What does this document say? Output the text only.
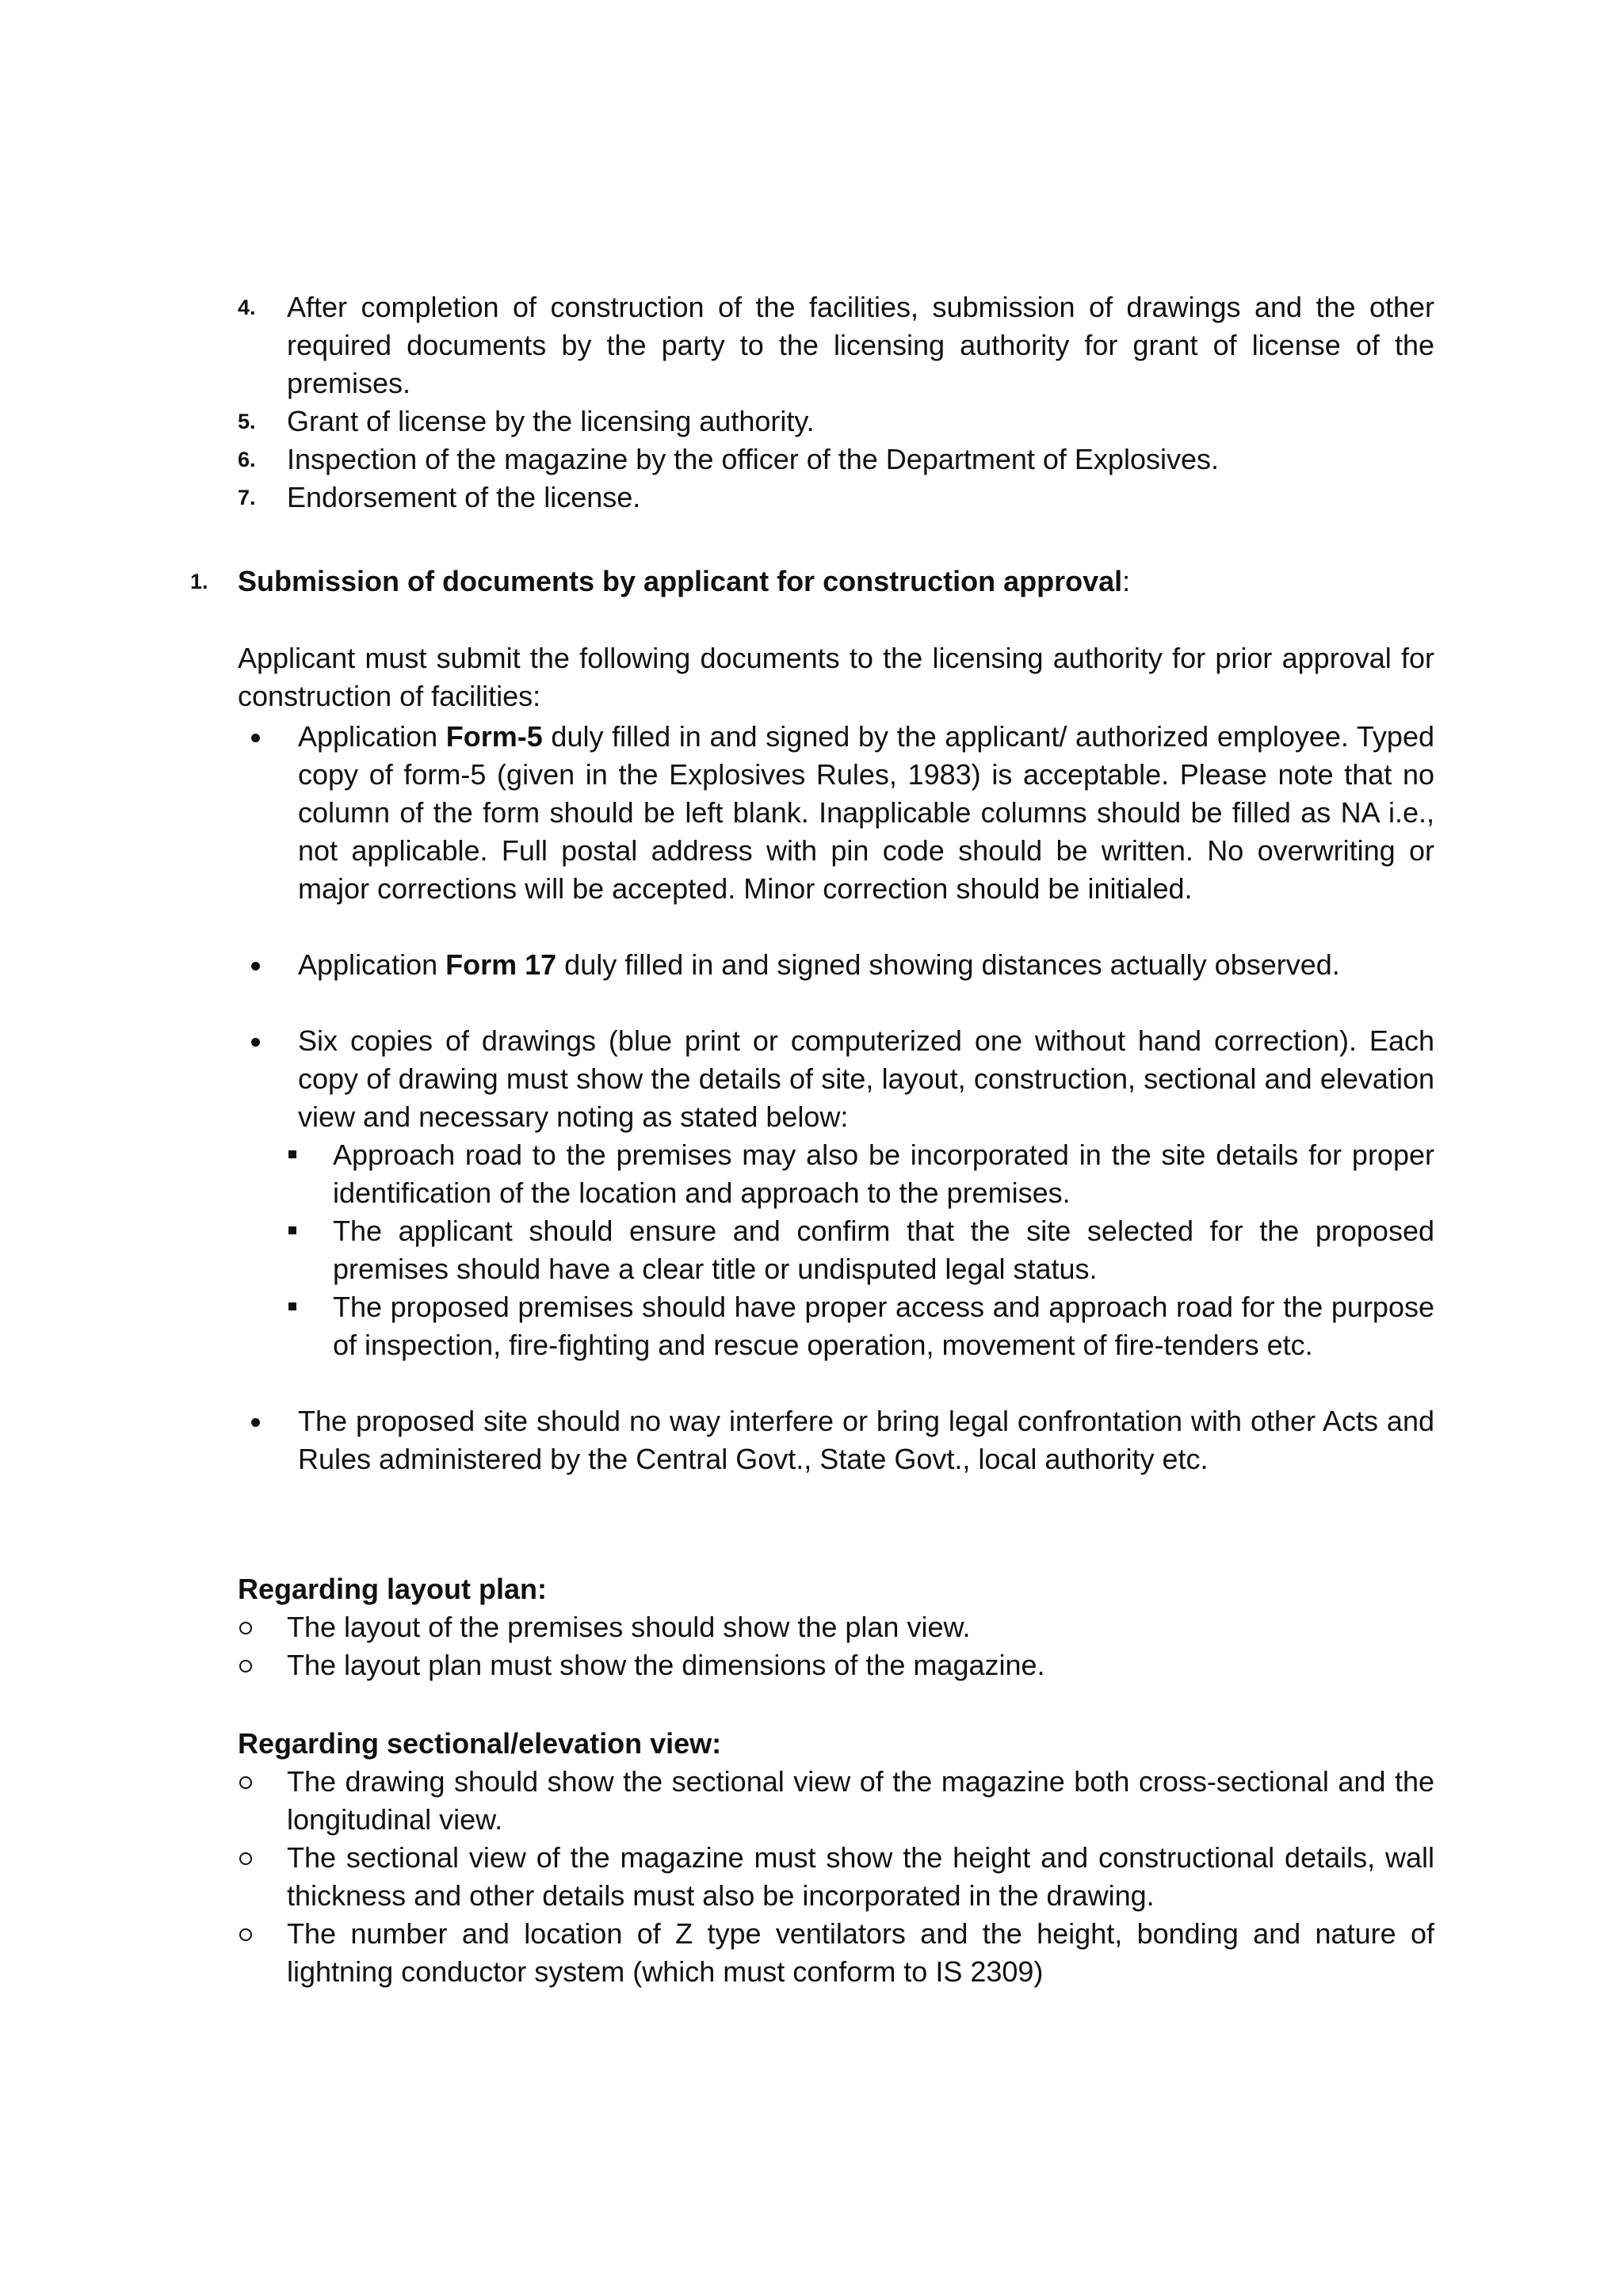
4. After completion of construction of the facilities, submission of drawings and the other required documents by the party to the licensing authority for grant of license of the premises.
5. Grant of license by the licensing authority.
6. Inspection of the magazine by the officer of the Department of Explosives.
7. Endorsement of the license.
1. Submission of documents by applicant for construction approval:
Applicant must submit the following documents to the licensing authority for prior approval for construction of facilities:
Application Form-5 duly filled in and signed by the applicant/ authorized employee. Typed copy of form-5 (given in the Explosives Rules, 1983) is acceptable. Please note that no column of the form should be left blank. Inapplicable columns should be filled as NA i.e., not applicable. Full postal address with pin code should be written. No overwriting or major corrections will be accepted. Minor correction should be initialed.
Application Form 17 duly filled in and signed showing distances actually observed.
Six copies of drawings (blue print or computerized one without hand correction). Each copy of drawing must show the details of site, layout, construction, sectional and elevation view and necessary noting as stated below:
Approach road to the premises may also be incorporated in the site details for proper identification of the location and approach to the premises.
The applicant should ensure and confirm that the site selected for the proposed premises should have a clear title or undisputed legal status.
The proposed premises should have proper access and approach road for the purpose of inspection, fire-fighting and rescue operation, movement of fire-tenders etc.
The proposed site should no way interfere or bring legal confrontation with other Acts and Rules administered by the Central Govt., State Govt., local authority etc.
Regarding layout plan:
The layout of the premises should show the plan view.
The layout plan must show the dimensions of the magazine.
Regarding sectional/elevation view:
The drawing should show the sectional view of the magazine both cross-sectional and the longitudinal view.
The sectional view of the magazine must show the height and constructional details, wall thickness and other details must also be incorporated in the drawing.
The number and location of Z type ventilators and the height, bonding and nature of lightning conductor system (which must conform to IS 2309)
